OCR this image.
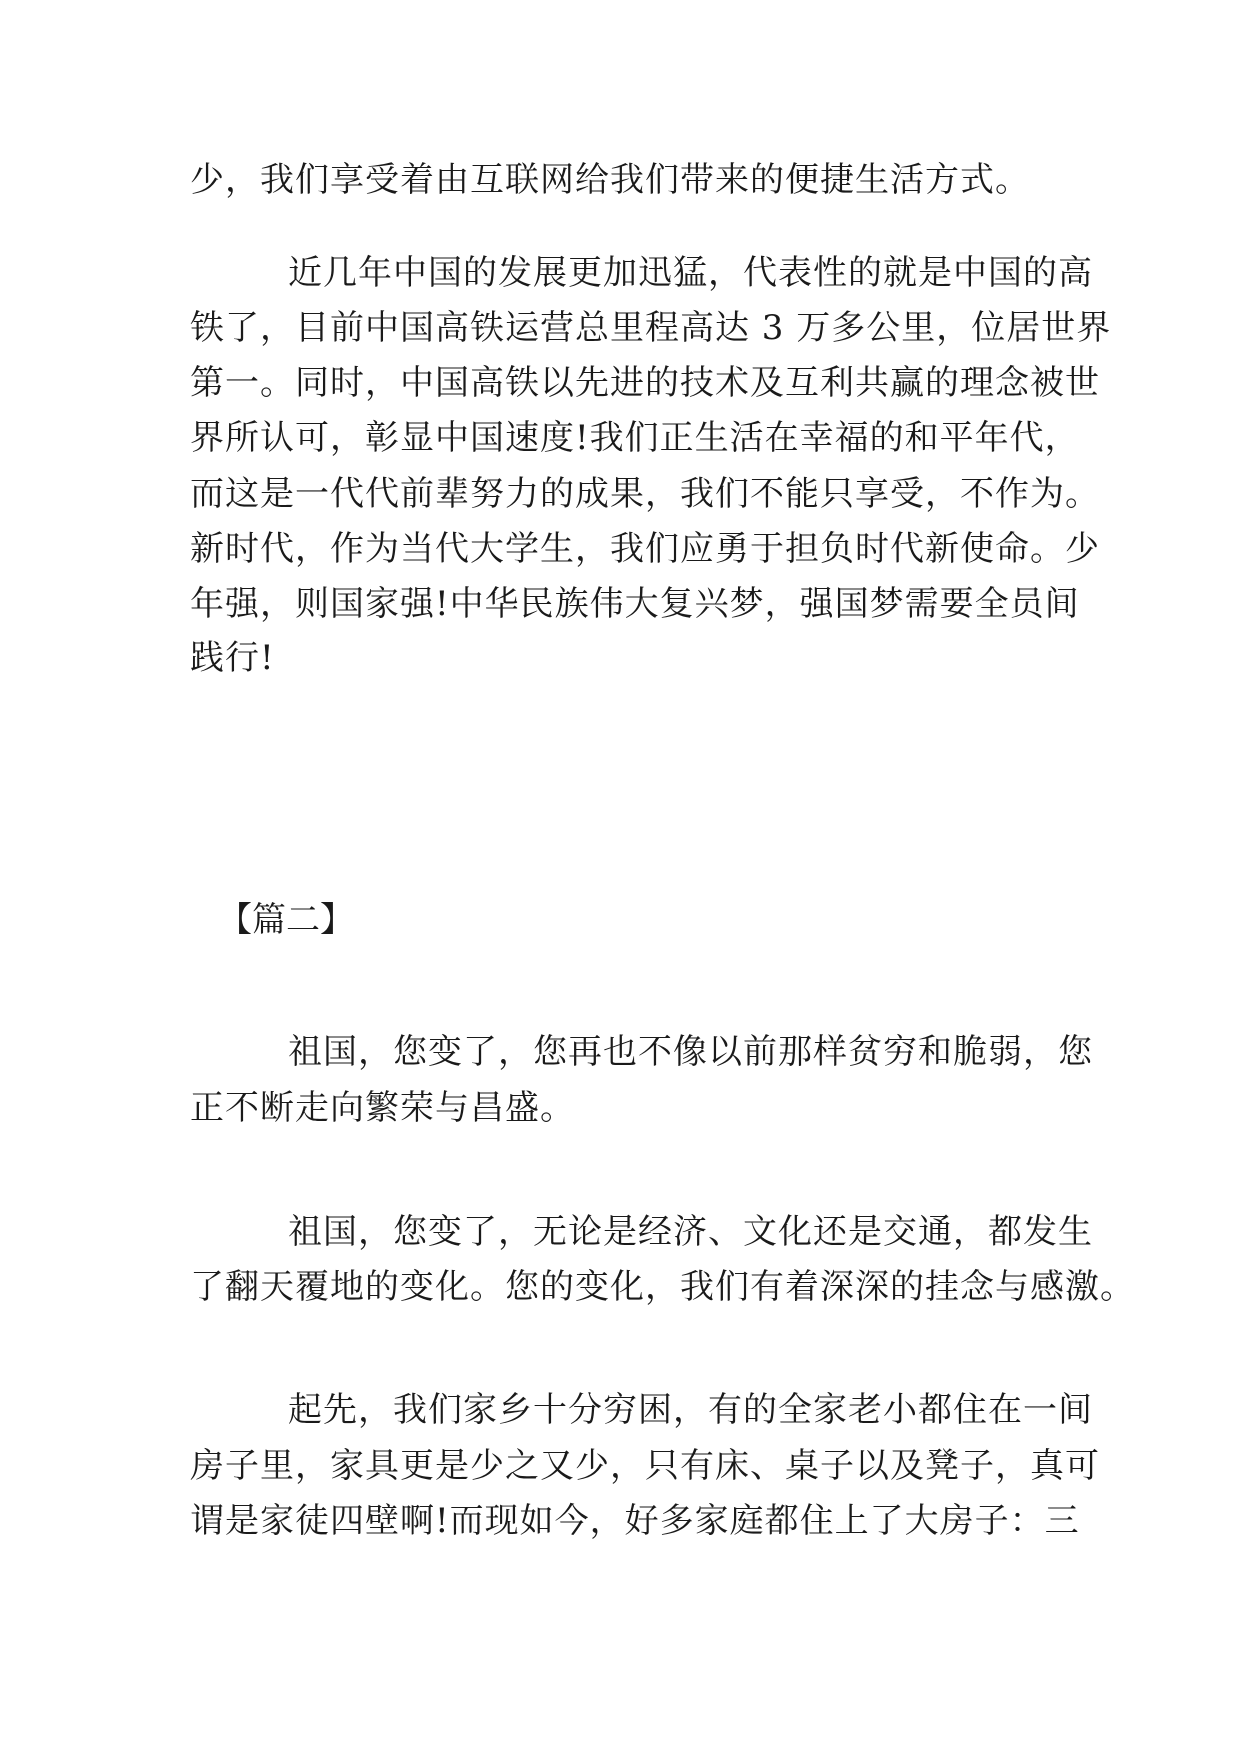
少，我们享受着由互联网给我们带来的便捷生活方式。
近几年中国的发展更加迅猛，代表性的就是中国的高
铁了，目前中国高铁运营总里程高达 3 万多公里，位居世界
第一。同时，中国高铁以先进的技术及互利共赢的理念被世
界所认可，彰显中国速度!我们正生活在幸福的和平年代，
而这是一代代前辈努力的成果，我们不能只享受，不作为。
新时代，作为当代大学生，我们应勇于担负时代新使命。少
年强，则国家强!中华民族伟大复兴梦，强国梦需要全员间
践行!
【篇二】
祖国，您变了，您再也不像以前那样贫穷和脆弱，您
正不断走向繁荣与昌盛。
祖国，您变了，无论是经济、文化还是交通，都发生
了翻天覆地的变化。您的变化，我们有着深深的挂念与感激。
起先，我们家乡十分穷困，有的全家老小都住在一间
房子里，家具更是少之又少，只有床、桌子以及凳子，真可
谓是家徒四壁啊!而现如今，好多家庭都住上了大房子：三
